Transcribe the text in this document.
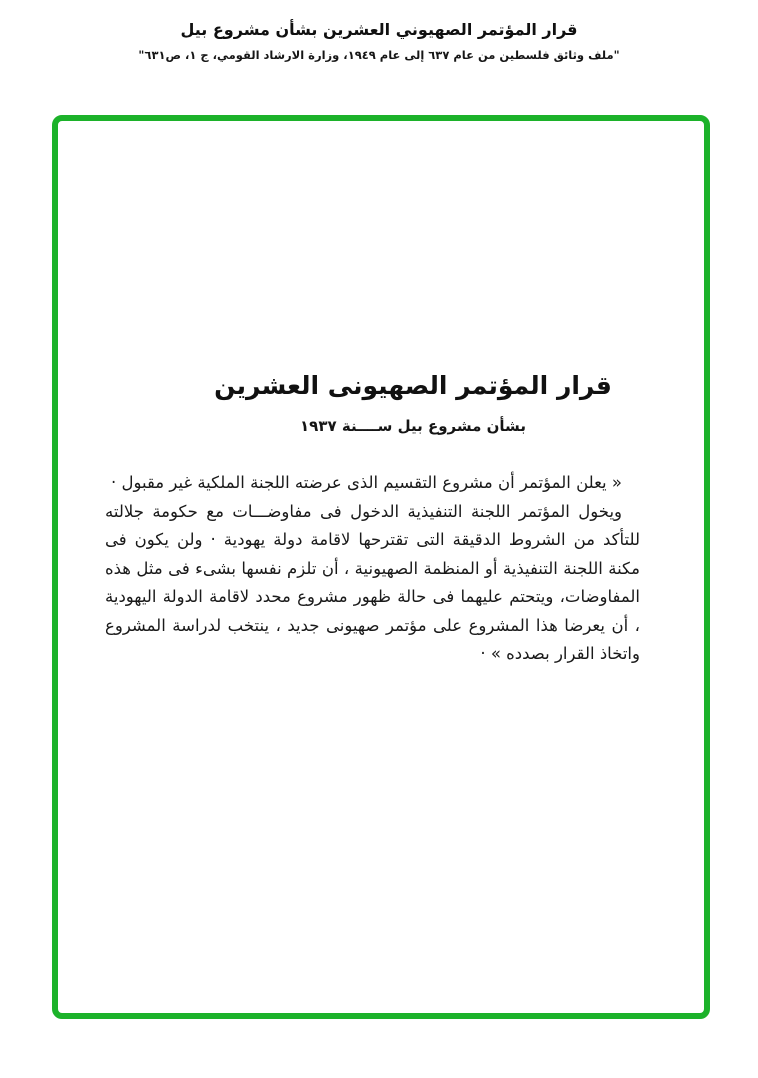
قرار المؤتمر الصهيوني العشرين بشأن مشروع بيل
"ملف وثائق فلسطين من عام ٦٣٧ إلى عام ١٩٤٩، وزارة الارشاد القومي، ج ١، ص٦٣١"
قرار المؤتمر الصهيونى العشرين
بشأن مشروع بيل ســــنة ١٩٣٧

« يعلن المؤتمر أن مشروع التقسيم الذى عرضته اللجنة الملكية غير مقبول ·

ويخول المؤتمر اللجنة التنفيذية الدخول فى مفاوضـــات مع حكومة جلالته للتأكد من الشروط الدقيقة التى تقترحها لاقامة دولة يهودية · ولن يكون فى مكنة اللجنة التنفيذية أو المنظمة الصهيونية ، أن تلزم نفسها بشىء فى مثل هذه المفاوضات، ويتحتم عليهما فى حالة ظهور مشروع محدد لاقامة الدولة اليهودية ، أن يعرضا هذا المشروع على مؤتمر صهيونى جديد ، ينتخب لدراسة المشروع واتخاذ القرار بصدده » ·
